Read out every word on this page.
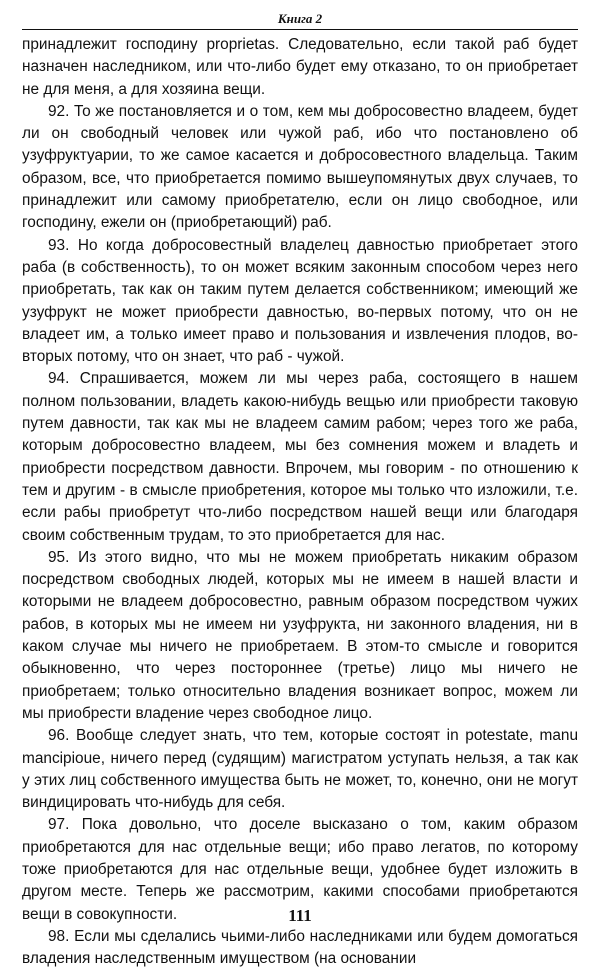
Книга 2

принадлежит господину proprietas. Следовательно, если такой раб будет назначен наследником, или что-либо будет ему отказано, то он приобретает не для меня, а для хозяина вещи.

92. То же постановляется и о том, кем мы добросовестно владеем, будет ли он свободный человек или чужой раб, ибо что постановлено об узуфруктуарии, то же самое касается и добросовестного владельца. Таким образом, все, что приобретается помимо вышеупомянутых двух случаев, то принадлежит или самому приобретателю, если он лицо свободное, или господину, ежели он (приобретающий) раб.

93. Но когда добросовестный владелец давностью приобретает этого раба (в собственность), то он может всяким законным способом через него приобретать, так как он таким путем делается собственником; имеющий же узуфрукт не может приобрести давностью, во-первых потому, что он не владеет им, а только имеет право и пользования и извлечения плодов, во-вторых потому, что он знает, что раб - чужой.

94. Спрашивается, можем ли мы через раба, состоящего в нашем полном пользовании, владеть какою-нибудь вещью или приобрести таковую путем давности, так как мы не владеем самим рабом; через того же раба, которым добросовестно владеем, мы без сомнения можем и владеть и приобрести посредством давности. Впрочем, мы говорим - по отношению к тем и другим - в смысле приобретения, которое мы только что изложили, т.е. если рабы приобретут что-либо посредством нашей вещи или благодаря своим собственным трудам, то это приобретается для нас.

95. Из этого видно, что мы не можем приобретать никаким образом посредством свободных людей, которых мы не имеем в нашей власти и которыми не владеем добросовестно, равным образом посредством чужих рабов, в которых мы не имеем ни узуфрукта, ни законного владения, ни в каком случае мы ничего не приобретаем. В этом-то смысле и говорится обыкновенно, что через постороннее (третье) лицо мы ничего не приобретаем; только относительно владения возникает вопрос, можем ли мы приобрести владение через свободное лицо.

96. Вообще следует знать, что тем, которые состоят in potestate, manu mancipioue, ничего перед (судящим) магистратом уступать нельзя, а так как у этих лиц собственного имущества быть не может, то, конечно, они не могут виндицировать что-нибудь для себя.

97. Пока довольно, что доселе высказано о том, каким образом приобретаются для нас отдельные вещи; ибо право легатов, по которому тоже приобретаются для нас отдельные вещи, удобнее будет изложить в другом месте. Теперь же рассмотрим, какими способами приобретаются вещи в совокупности.

98. Если мы сделались чьими-либо наследниками или будем домогаться владения наследственным имуществом (на основании

111
